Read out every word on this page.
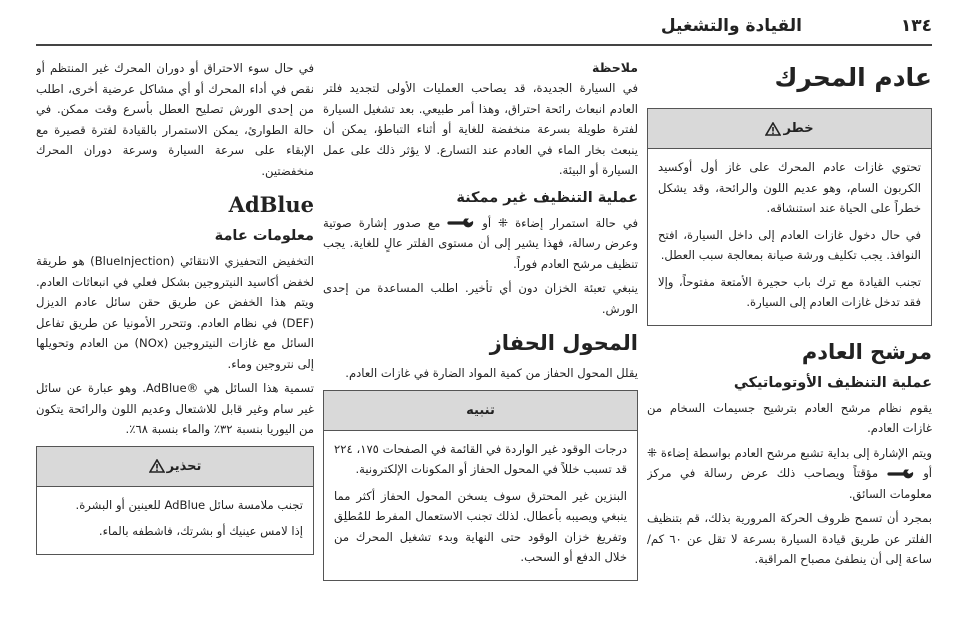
١٣٤
القيادة والتشغيل
عادم المحرك
خطر

تحتوي غازات عادم المحرك على غاز أول أوكسيد الكربون السام، وهو عديم اللون والرائحة، وقد يشكل خطراً على الحياة عند استنشاقه.

في حال دخول غازات العادم إلى داخل السيارة، افتح النوافذ. يجب تكليف ورشة صيانة بمعالجة سبب العطل.

تجنب القيادة مع ترك باب حجيرة الأمتعة مفتوحاً، وإلا فقد تدخل غازات العادم إلى السيارة.

مرشح العادم
عملية التنظيف الأوتوماتيكي

يقوم نظام مرشح العادم بترشيح جسيمات السخام من غازات العادم.

ويتم الإشارة إلى بداية تشبع مرشح العادم بواسطة إضاءة ⁜ أو  مؤقتاً ويصاحب ذلك عرض رسالة في مركز معلومات السائق.

بمجرد أن تسمح ظروف الحركة المرورية بذلك، قم بتنظيف الفلتر عن طريق قيادة السيارة بسرعة لا تقل عن ٦٠ كم/ساعة إلى أن ينطفئ مصباح المراقبة.

ملاحظة

في السيارة الجديدة، قد يصاحب العمليات الأولى لتجديد فلتر العادم انبعاث رائحة احتراق، وهذا أمر طبيعي. بعد تشغيل السيارة لفترة طويلة بسرعة منخفضة للغاية أو أثناء التباطؤ، يمكن أن ينبعث بخار الماء في العادم عند التسارع. لا يؤثر ذلك على عمل السيارة أو البيئة.

عملية التنظيف غير ممكنة

في حالة استمرار إضاءة ⁜ أو  مع صدور إشارة صوتية وعرض رسالة، فهذا يشير إلى أن مستوى الفلتر عالٍ للغاية. يجب تنظيف مرشح العادم فوراً.

ينبغي تعبئة الخزان دون أي تأخير. اطلب المساعدة من إحدى الورش.

المحول الحفاز

يقلل المحول الحفاز من كمية المواد الضارة في غازات العادم.

تنبيه

درجات الوقود غير الواردة في القائمة في الصفحات ١٧٥، ٢٢٤ قد تسبب خللاً في المحول الحفاز أو المكونات الإلكترونية.

البنزين غير المحترق سوف يسخن المحول الحفاز أكثر مما ينبغي ويصيبه بأعطال. لذلك تجنب الاستعمال المفرط للمُطلِق وتفريغ خزان الوقود حتى النهاية وبدء تشغيل المحرك من خلال الدفع أو السحب.

في حال سوء الاحتراق أو دوران المحرك غير المنتظم أو نقص في أداء المحرك أو أي مشاكل عرضية أخرى، اطلب من إحدى الورش تصليح العطل بأسرع وقت ممكن. في حالة الطوارئ، يمكن الاستمرار بالقيادة لفترة قصيرة مع الإبقاء على سرعة السيارة وسرعة دوران المحرك منخفضتين.

AdBlue
معلومات عامة

التخفيض التحفيزي الانتقائي (BlueInjection) هو طريقة لخفض أكاسيد النيتروجين بشكل فعلي في انبعاثات العادم. ويتم هذا الخفض عن طريق حقن سائل عادم الديزل (DEF) في نظام العادم. وتتحرر الأمونيا عن طريق تفاعل السائل مع غازات النيتروجين (NOx) من العادم وتحويلها إلى نتروجين وماء.

تسمية هذا السائل هي ®AdBlue. وهو عبارة عن سائل غير سام وغير قابل للاشتعال وعديم اللون والرائحة يتكون من اليوريا بنسبة ٣٢٪ والماء بنسبة ٦٨٪.

تحذير

تجنب ملامسة سائل AdBlue للعينين أو البشرة.

إذا لامس عينيك أو بشرتك، فاشطفه بالماء.
